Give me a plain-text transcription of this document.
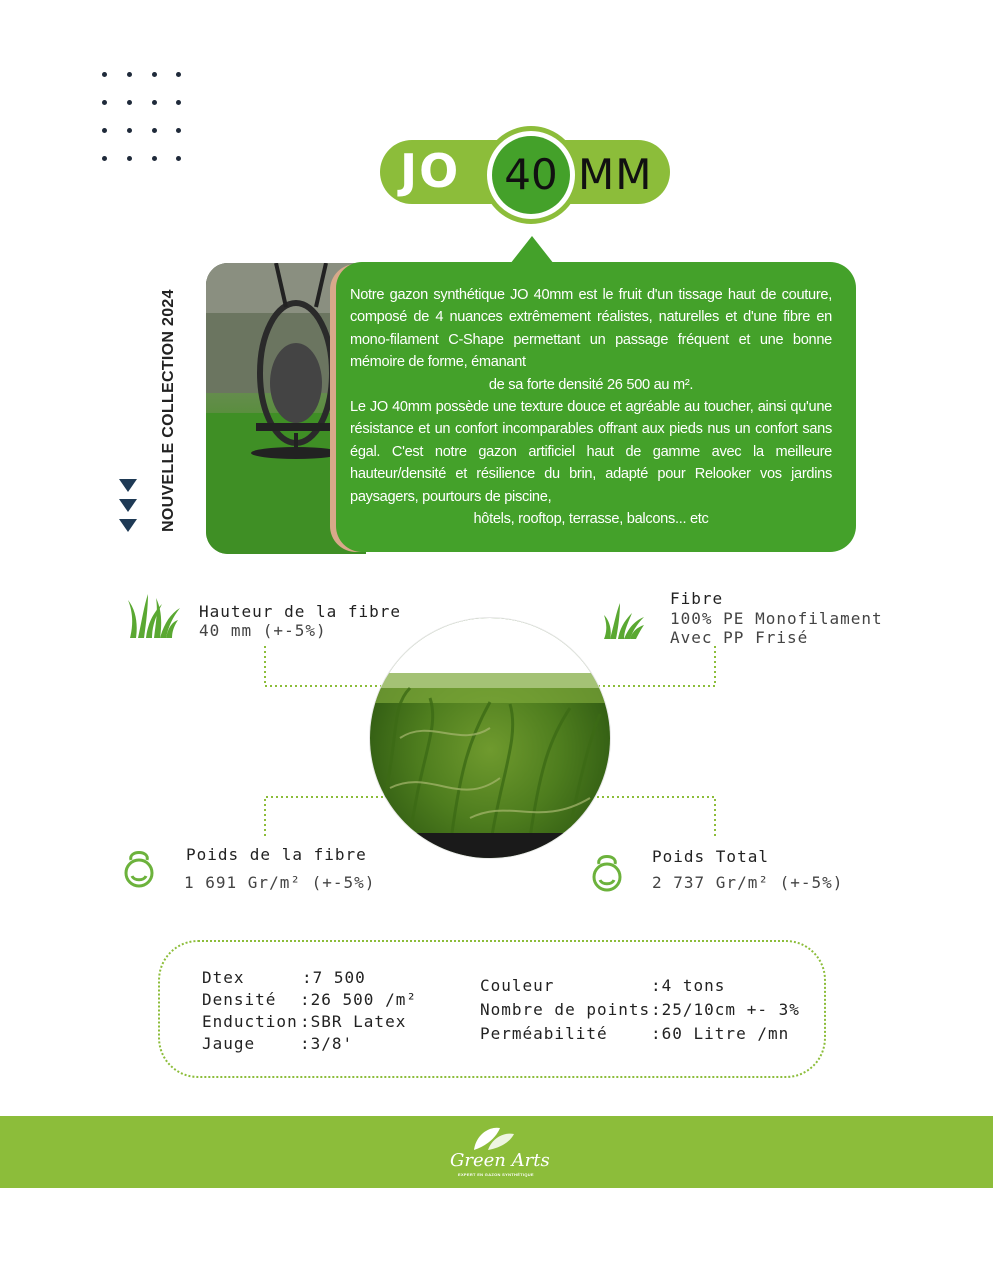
JO 40 MM

Notre gazon synthétique JO 40mm est le fruit d'un tissage haut de couture, composé de 4 nuances extrêmement réalistes, naturelles et d'une fibre en mono-filament C-Shape permettant un passage fréquent et une bonne mémoire de forme, émanant

de sa forte densité 26 500 au m².

Le JO 40mm possède une texture douce et agréable au toucher, ainsi qu'une résistance et un confort incomparables offrant aux pieds nus un confort sans égal. C'est notre gazon artificiel haut de gamme avec la meilleure hauteur/densité et résilience du brin, adapté pour Relooker vos jardins paysagers, pourtours de piscine,

hôtels, rooftop, terrasse, balcons... etc

NOUVELLE COLLECTION 2024
Hauteur de la fibre
40 mm (+-5%)
Fibre
100% PE Monofilament
Avec PP Frisé
Poids de la fibre
1 691 Gr/m² (+-5%)
Poids Total
2 737 Gr/m² (+-5%)
Dtex	:7 500
Densité :26 500 /m²
Enduction :SBR Latex
Jauge	:3/8'
Couleur	:4 tons
Nombre de points:25/10cm +- 3%
Perméabilité	:60 Litre /mn
Green Arts
EXPERT EN GAZON SYNTHÉTIQUE
